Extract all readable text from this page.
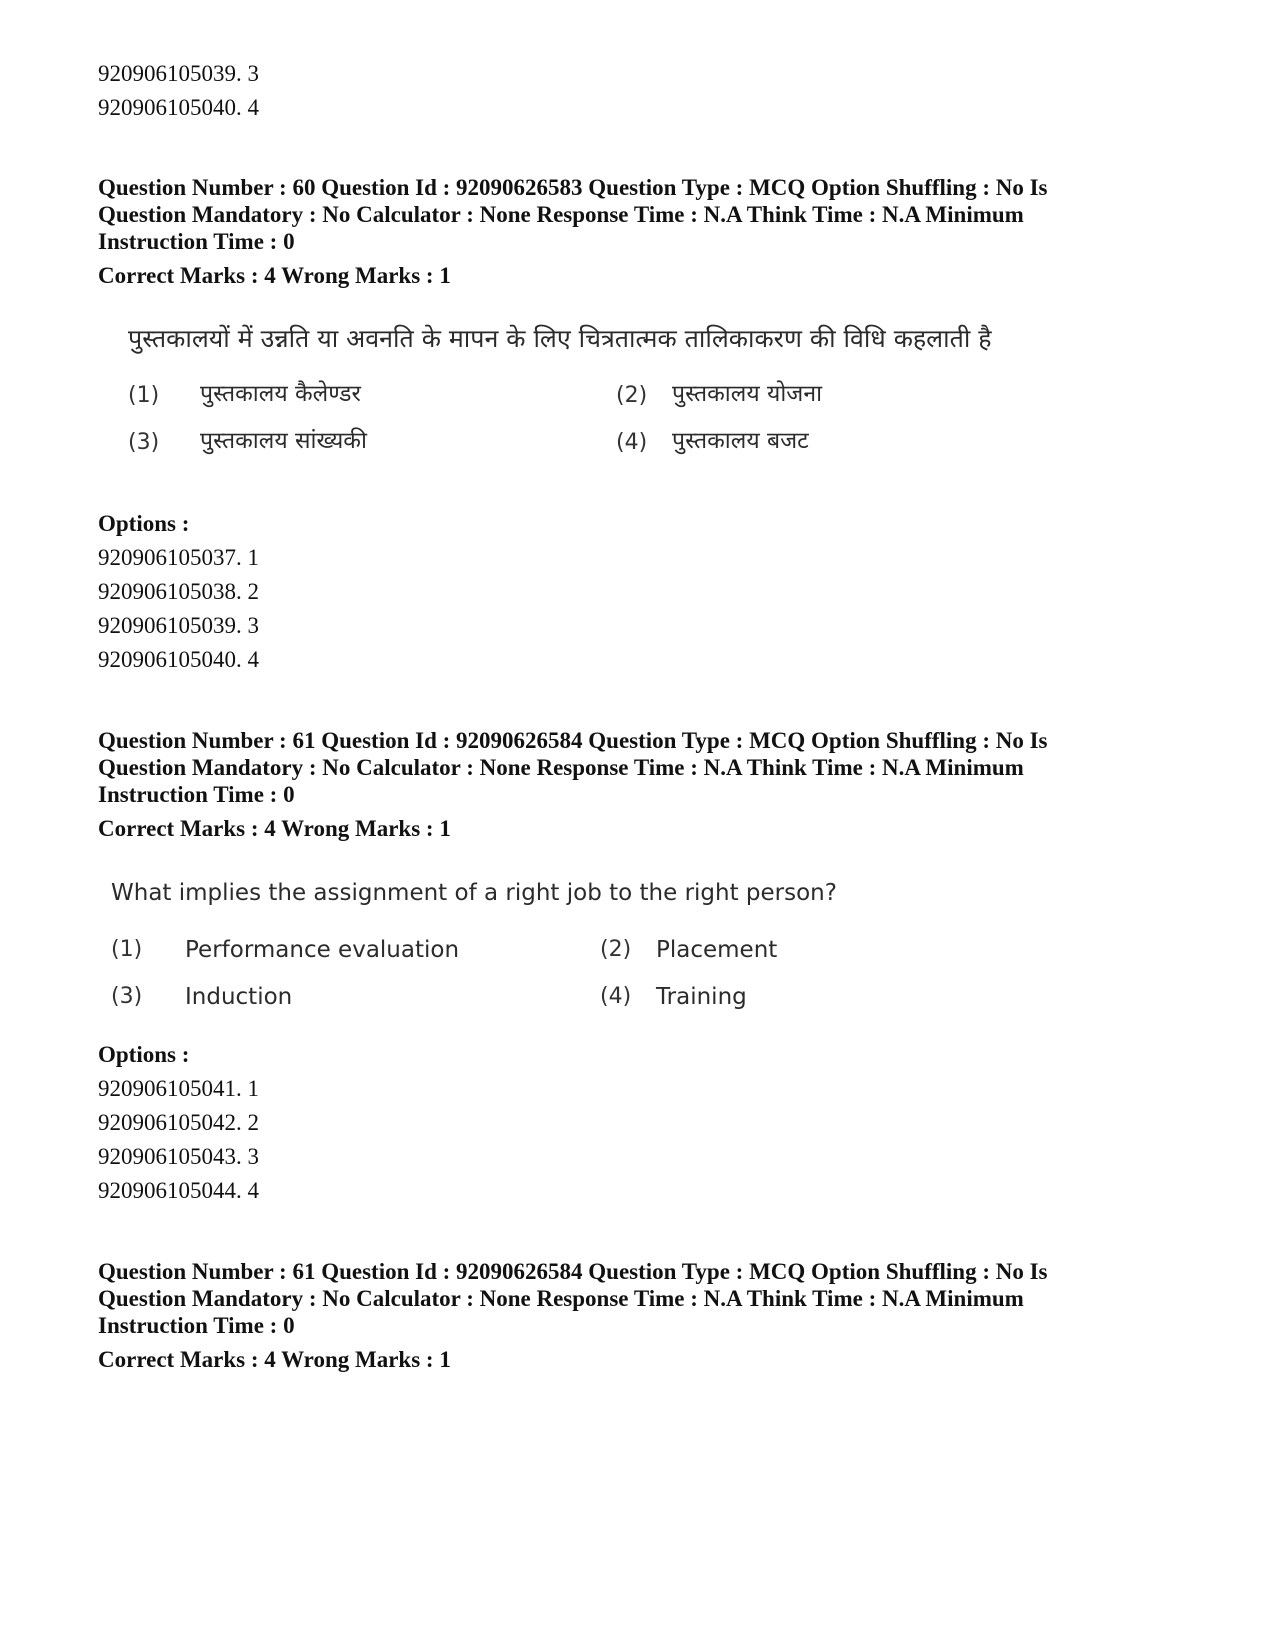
920906105039. 3
920906105040. 4
Question Number : 60 Question Id : 92090626583 Question Type : MCQ Option Shuffling : No Is
Question Mandatory : No Calculator : None Response Time : N.A Think Time : N.A Minimum
Instruction Time : 0
Correct Marks : 4 Wrong Marks : 1
पुस्तकालयों में उन्नति या अवनति के मापन के लिए चित्रतात्मक तालिकाकरण की विधि कहलाती है
(1) पुस्तकालय कैलेण्डर	(2) पुस्तकालय योजना
(3) पुस्तकालय सांख्यकी	(4) पुस्तकालय बजट
Options :
920906105037. 1
920906105038. 2
920906105039. 3
920906105040. 4
Question Number : 61 Question Id : 92090626584 Question Type : MCQ Option Shuffling : No Is
Question Mandatory : No Calculator : None Response Time : N.A Think Time : N.A Minimum
Instruction Time : 0
Correct Marks : 4 Wrong Marks : 1
What implies the assignment of a right job to the right person?
(1) Performance evaluation	(2) Placement
(3) Induction	(4) Training
Options :
920906105041. 1
920906105042. 2
920906105043. 3
920906105044. 4
Question Number : 61 Question Id : 92090626584 Question Type : MCQ Option Shuffling : No Is
Question Mandatory : No Calculator : None Response Time : N.A Think Time : N.A Minimum
Instruction Time : 0
Correct Marks : 4 Wrong Marks : 1
